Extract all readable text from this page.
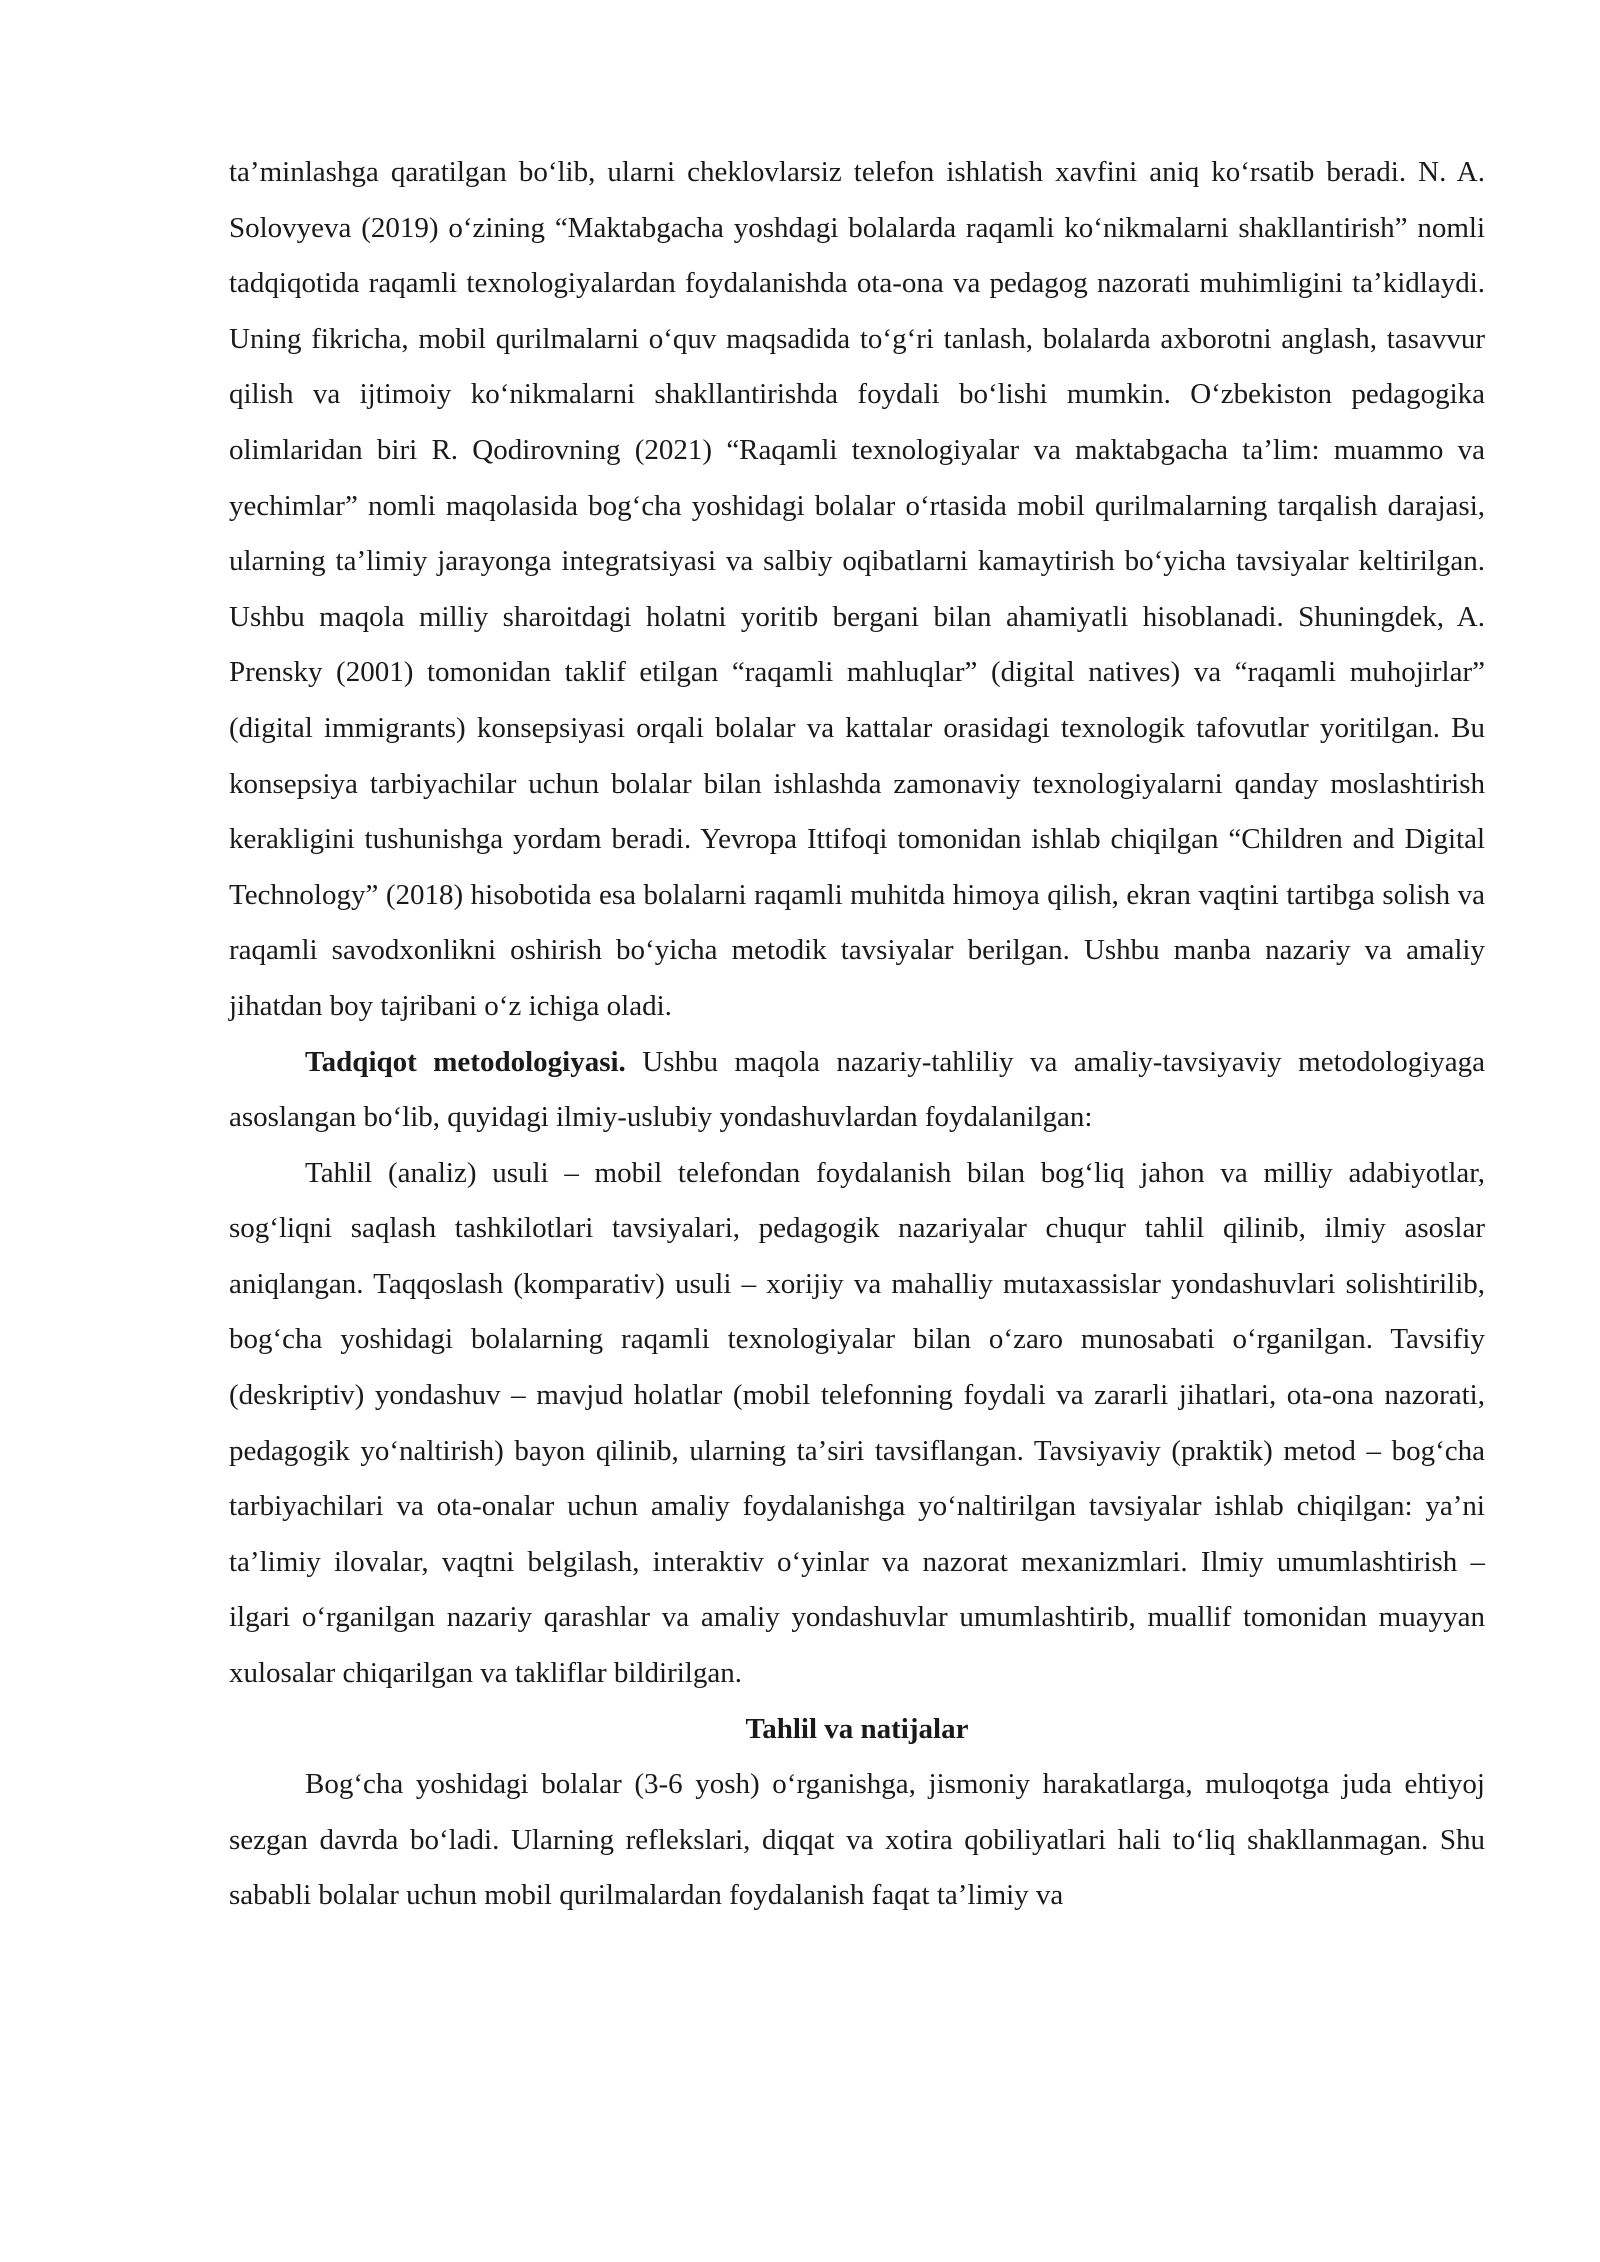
taʼminlashga qaratilgan boʻlib, ularni cheklovlarsiz telefon ishlatish xavfini aniq koʻrsatib beradi. N. A. Solovyeva (2019) oʻzining “Maktabgacha yoshdagi bolalarda raqamli koʻnikmalarni shakllantirish” nomli tadqiqotida raqamli texnologiyalardan foydalanishda ota-ona va pedagog nazorati muhimligini taʼkidlaydi. Uning fikricha, mobil qurilmalarni oʻquv maqsadida toʻgʻri tanlash, bolalarda axborotni anglash, tasavvur qilish va ijtimoiy koʻnikmalarni shakllantirishda foydali boʻlishi mumkin. Oʻzbekiston pedagogika olimlaridan biri R. Qodirovning (2021) “Raqamli texnologiyalar va maktabgacha taʼlim: muammo va yechimlar” nomli maqolasida bogʻcha yoshidagi bolalar oʻrtasida mobil qurilmalarning tarqalish darajasi, ularning taʼlimiy jarayonga integratsiyasi va salbiy oqibatlarni kamaytirish boʻyicha tavsiyalar keltirilgan. Ushbu maqola milliy sharoitdagi holatni yoritib bergani bilan ahamiyatli hisoblanadi. Shuningdek, A. Prensky (2001) tomonidan taklif etilgan “raqamli mahluqlar” (digital natives) va “raqamli muhojirlar” (digital immigrants) konsepsiyasi orqali bolalar va kattalar orasidagi texnologik tafovutlar yoritilgan. Bu konsepsiya tarbiyachilar uchun bolalar bilan ishlashda zamonaviy texnologiyalarni qanday moslashtirish kerakligini tushunishga yordam beradi. Yevropa Ittifoqi tomonidan ishlab chiqilgan “Children and Digital Technology” (2018) hisobotida esa bolalarni raqamli muhitda himoya qilish, ekran vaqtini tartibga solish va raqamli savodxonlikni oshirish boʻyicha metodik tavsiyalar berilgan. Ushbu manba nazariy va amaliy jihatdan boy tajribani oʻz ichiga oladi.

Tadqiqot metodologiyasi. Ushbu maqola nazariy-tahliliy va amaliy-tavsiyaviy metodologiyaga asoslangan boʻlib, quyidagi ilmiy-uslubiy yondashuvlardan foydalanilgan:

Tahlil (analiz) usuli – mobil telefondan foydalanish bilan bogʻliq jahon va milliy adabiyotlar, sogʻliqni saqlash tashkilotlari tavsiyalari, pedagogik nazariyalar chuqur tahlil qilinib, ilmiy asoslar aniqlangan. Taqqoslash (komparativ) usuli – xorijiy va mahalliy mutaxassislar yondashuvlari solishtirilib, bogʻcha yoshidagi bolalarning raqamli texnologiyalar bilan oʻzaro munosabati oʻrganilgan. Tavsifiy (deskriptiv) yondashuv – mavjud holatlar (mobil telefonning foydali va zararli jihatlari, ota-ona nazorati, pedagogik yoʻnaltirish) bayon qilinib, ularning taʼsiri tavsiflangan. Tavsiyaviy (praktik) metod – bogʻcha tarbiyachilari va ota-onalar uchun amaliy foydalanishga yoʻnaltirilgan tavsiyalar ishlab chiqilgan: yaʼni taʼlimiy ilovalar, vaqtni belgilash, interaktiv oʻyinlar va nazorat mexanizmlari. Ilmiy umumlashtirish – ilgari oʻrganilgan nazariy qarashlar va amaliy yondashuvlar umumlashtirib, muallif tomonidan muayyan xulosalar chiqarilgan va takliflar bildirilgan.

Tahlil va natijalar

Bogʻcha yoshidagi bolalar (3-6 yosh) oʻrganishga, jismoniy harakatlarga, muloqotga juda ehtiyoj sezgan davrda boʻladi. Ularning reflekslari, diqqat va xotira qobiliyatlari hali toʻliq shakllanmagan. Shu sababli bolalar uchun mobil qurilmalardan foydalanish faqat taʼlimiy va
